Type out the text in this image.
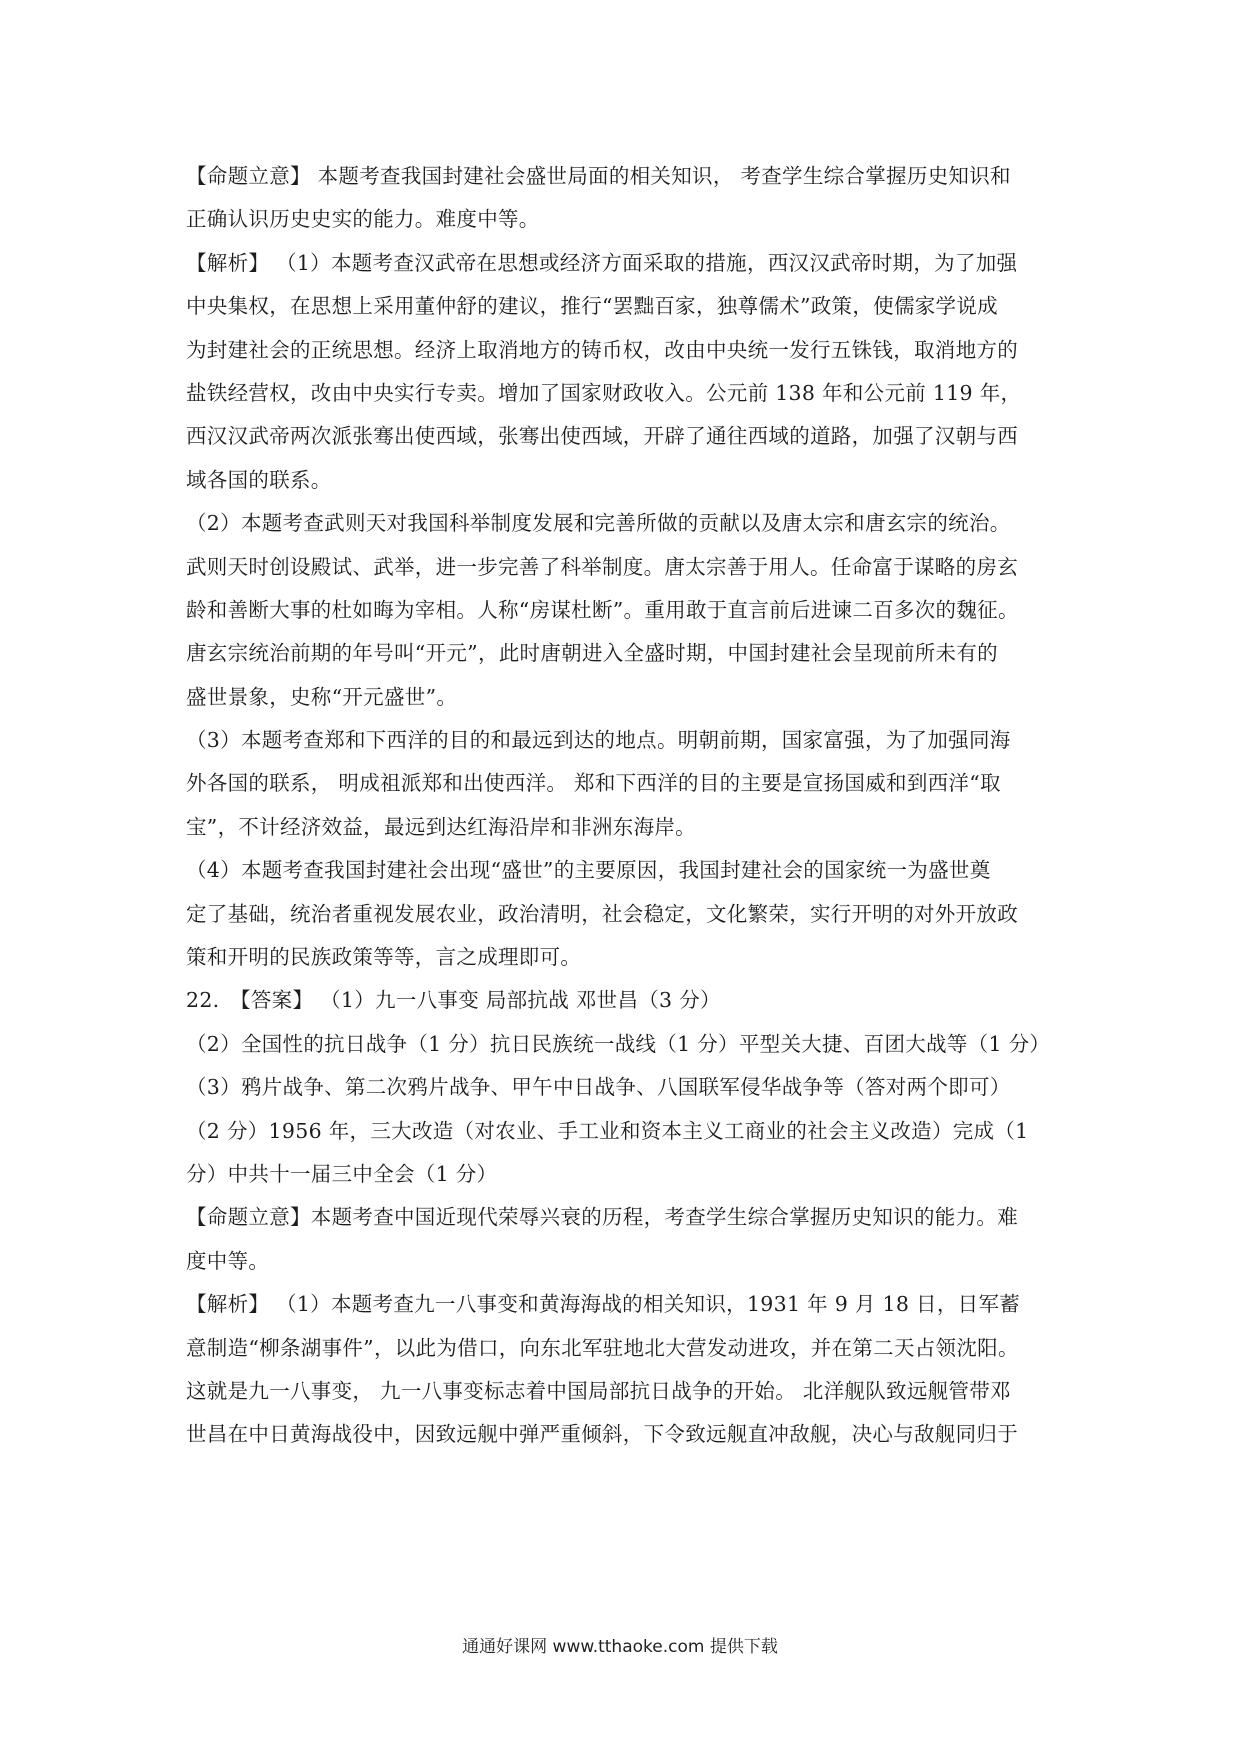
【命题立意】 本题考查我国封建社会盛世局面的相关知识， 考查学生综合掌握历史知识和
正确认识历史史实的能力。难度中等。
【解析】 （1）本题考查汉武帝在思想或经济方面采取的措施，西汉汉武帝时期，为了加强
中央集权，在思想上采用董仲舒的建议，推行“罢黜百家，独尊儒术”政策，使儒家学说成
为封建社会的正统思想。经济上取消地方的铸币权，改由中央统一发行五铢钱，取消地方的
盐铁经营权，改由中央实行专卖。增加了国家财政收入。公元前 138 年和公元前 119 年，
西汉汉武帝两次派张骞出使西域，张骞出使西域，开辟了通往西域的道路，加强了汉朝与西
域各国的联系。
（2）本题考查武则天对我国科举制度发展和完善所做的贡献以及唐太宗和唐玄宗的统治。
武则天时创设殿试、武举，进一步完善了科举制度。唐太宗善于用人。任命富于谋略的房玄
龄和善断大事的杜如晦为宰相。人称“房谋杜断”。重用敢于直言前后进谏二百多次的魏征。
唐玄宗统治前期的年号叫“开元”，此时唐朝进入全盛时期，中国封建社会呈现前所未有的
盛世景象，史称“开元盛世”。
（3）本题考查郑和下西洋的目的和最远到达的地点。明朝前期，国家富强，为了加强同海
外各国的联系， 明成祖派郑和出使西洋。 郑和下西洋的目的主要是宣扬国威和到西洋“取
宝”，不计经济效益，最远到达红海沿岸和非洲东海岸。
（4）本题考查我国封建社会出现“盛世”的主要原因，我国封建社会的国家统一为盛世奠
定了基础，统治者重视发展农业，政治清明，社会稳定，文化繁荣，实行开明的对外开放政
策和开明的民族政策等等，言之成理即可。
22.　【答案】 （1）九一八事变 局部抗战 邓世昌（3 分）
（2）全国性的抗日战争（1 分）抗日民族统一战线（1 分）平型关大捷、百团大战等（1 分）
（3）鸦片战争、第二次鸦片战争、甲午中日战争、八国联军侵华战争等（答对两个即可）
（2 分）1956 年，三大改造（对农业、手工业和资本主义工商业的社会主义改造）完成（1
分）中共十一届三中全会（1 分）
【命题立意】本题考查中国近现代荣辱兴衰的历程，考查学生综合掌握历史知识的能力。难
度中等。
【解析】 （1）本题考查九一八事变和黄海海战的相关知识，1931 年 9 月 18 日，日军蓄
意制造“柳条湖事件”，以此为借口，向东北军驻地北大营发动进攻，并在第二天占领沈阳。
这就是九一八事变， 九一八事变标志着中国局部抗日战争的开始。 北洋舰队致远舰管带邓
世昌在中日黄海战役中，因致远舰中弹严重倾斜，下令致远舰直冲敌舰，决心与敌舰同归于
通通好课网 www.tthaoke.com 提供下载
